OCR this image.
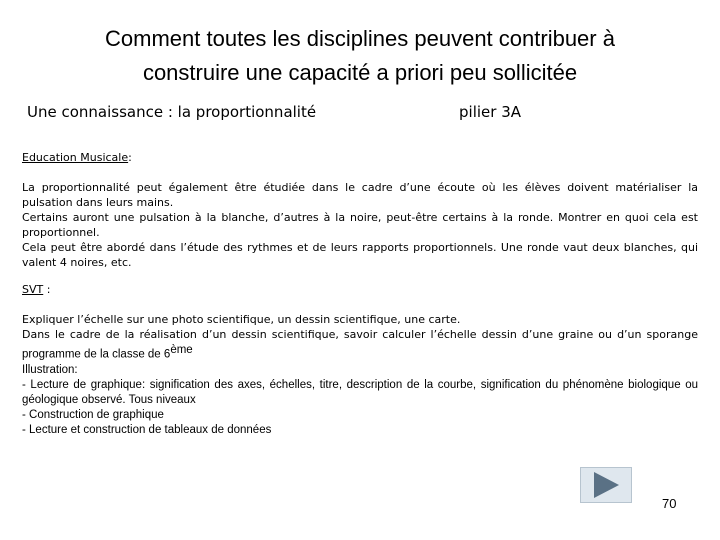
Comment toutes les disciplines peuvent contribuer à
construire une capacité a priori peu sollicitée
Une connaissance : la proportionnalité	pilier 3A

Education Musicale:

La proportionnalité peut également être étudiée dans le cadre d’une écoute où les élèves doivent matérialiser la pulsation dans leurs mains.

Certains auront une pulsation à la blanche, d’autres à la noire, peut-être certains à la ronde. Montrer en quoi cela est proportionnel.

Cela peut être abordé dans l’étude des rythmes et de leurs rapports proportionnels. Une ronde vaut deux blanches, qui valent 4 noires, etc.

SVT :

Expliquer l’échelle sur une photo scientifique, un dessin scientifique, une carte.

Dans le cadre de la réalisation d’un dessin scientifique, savoir calculer l’échelle dessin d’une graine ou d’un sporange programme de la classe de 6ème

Illustration:

- Lecture de graphique: signification des axes, échelles, titre, description de la courbe, signification du phénomène biologique ou géologique observé. Tous niveaux

- Construction de graphique

- Lecture et construction de tableaux de données

70
